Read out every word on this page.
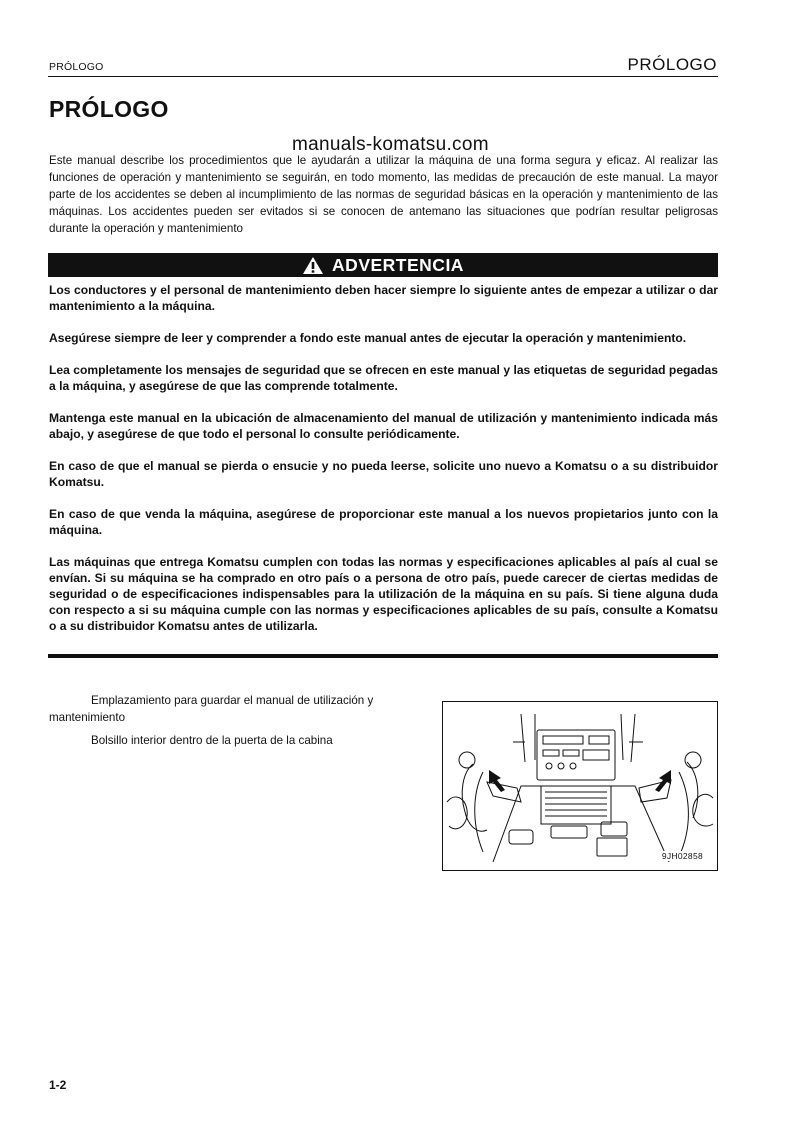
PRÓLOGO	PRÓLOGO
PRÓLOGO

Este manual describe los procedimientos que le ayudarán a utilizar la máquina de una forma segura y eficaz. Al realizar las funciones de operación y mantenimiento se seguirán, en todo momento, las medidas de precaución de este manual. La mayor parte de los accidentes se deben al incumplimiento de las normas de seguridad básicas en la operación y mantenimiento de las máquinas. Los accidentes pueden ser evitados si se conocen de antemano las situaciones que podrían resultar peligrosas durante la operación y mantenimiento

manuals-komatsu.com
ADVERTENCIA

Los conductores y el personal de mantenimiento deben hacer siempre lo siguiente antes de empezar a utilizar o dar mantenimiento a la máquina.

Asegúrese siempre de leer y comprender a fondo este manual antes de ejecutar la operación y mantenimiento.

Lea completamente los mensajes de seguridad que se ofrecen en este manual y las etiquetas de seguridad pegadas a la máquina, y asegúrese de que las comprende totalmente.

Mantenga este manual en la ubicación de almacenamiento del manual de utilización y mantenimiento indicada más abajo, y asegúrese de que todo el personal lo consulte periódicamente.

En caso de que el manual se pierda o ensucie y no pueda leerse, solicite uno nuevo a Komatsu o a su distribuidor Komatsu.

En caso de que venda la máquina, asegúrese de proporcionar este manual a los nuevos propietarios junto con la máquina.

Las máquinas que entrega Komatsu cumplen con todas las normas y especificaciones aplicables al país al cual se envían. Si su máquina se ha comprado en otro país o a persona de otro país, puede carecer de ciertas medidas de seguridad o de especificaciones indispensables para la utilización de la máquina en su país. Si tiene alguna duda con respecto a si su máquina cumple con las normas y especificaciones aplicables de su país, consulte a Komatsu o a su distribuidor Komatsu antes de utilizarla.

Emplazamiento para guardar el manual de utilización y mantenimiento

Bolsillo interior dentro de la puerta de la cabina

9JH02858
1-2
